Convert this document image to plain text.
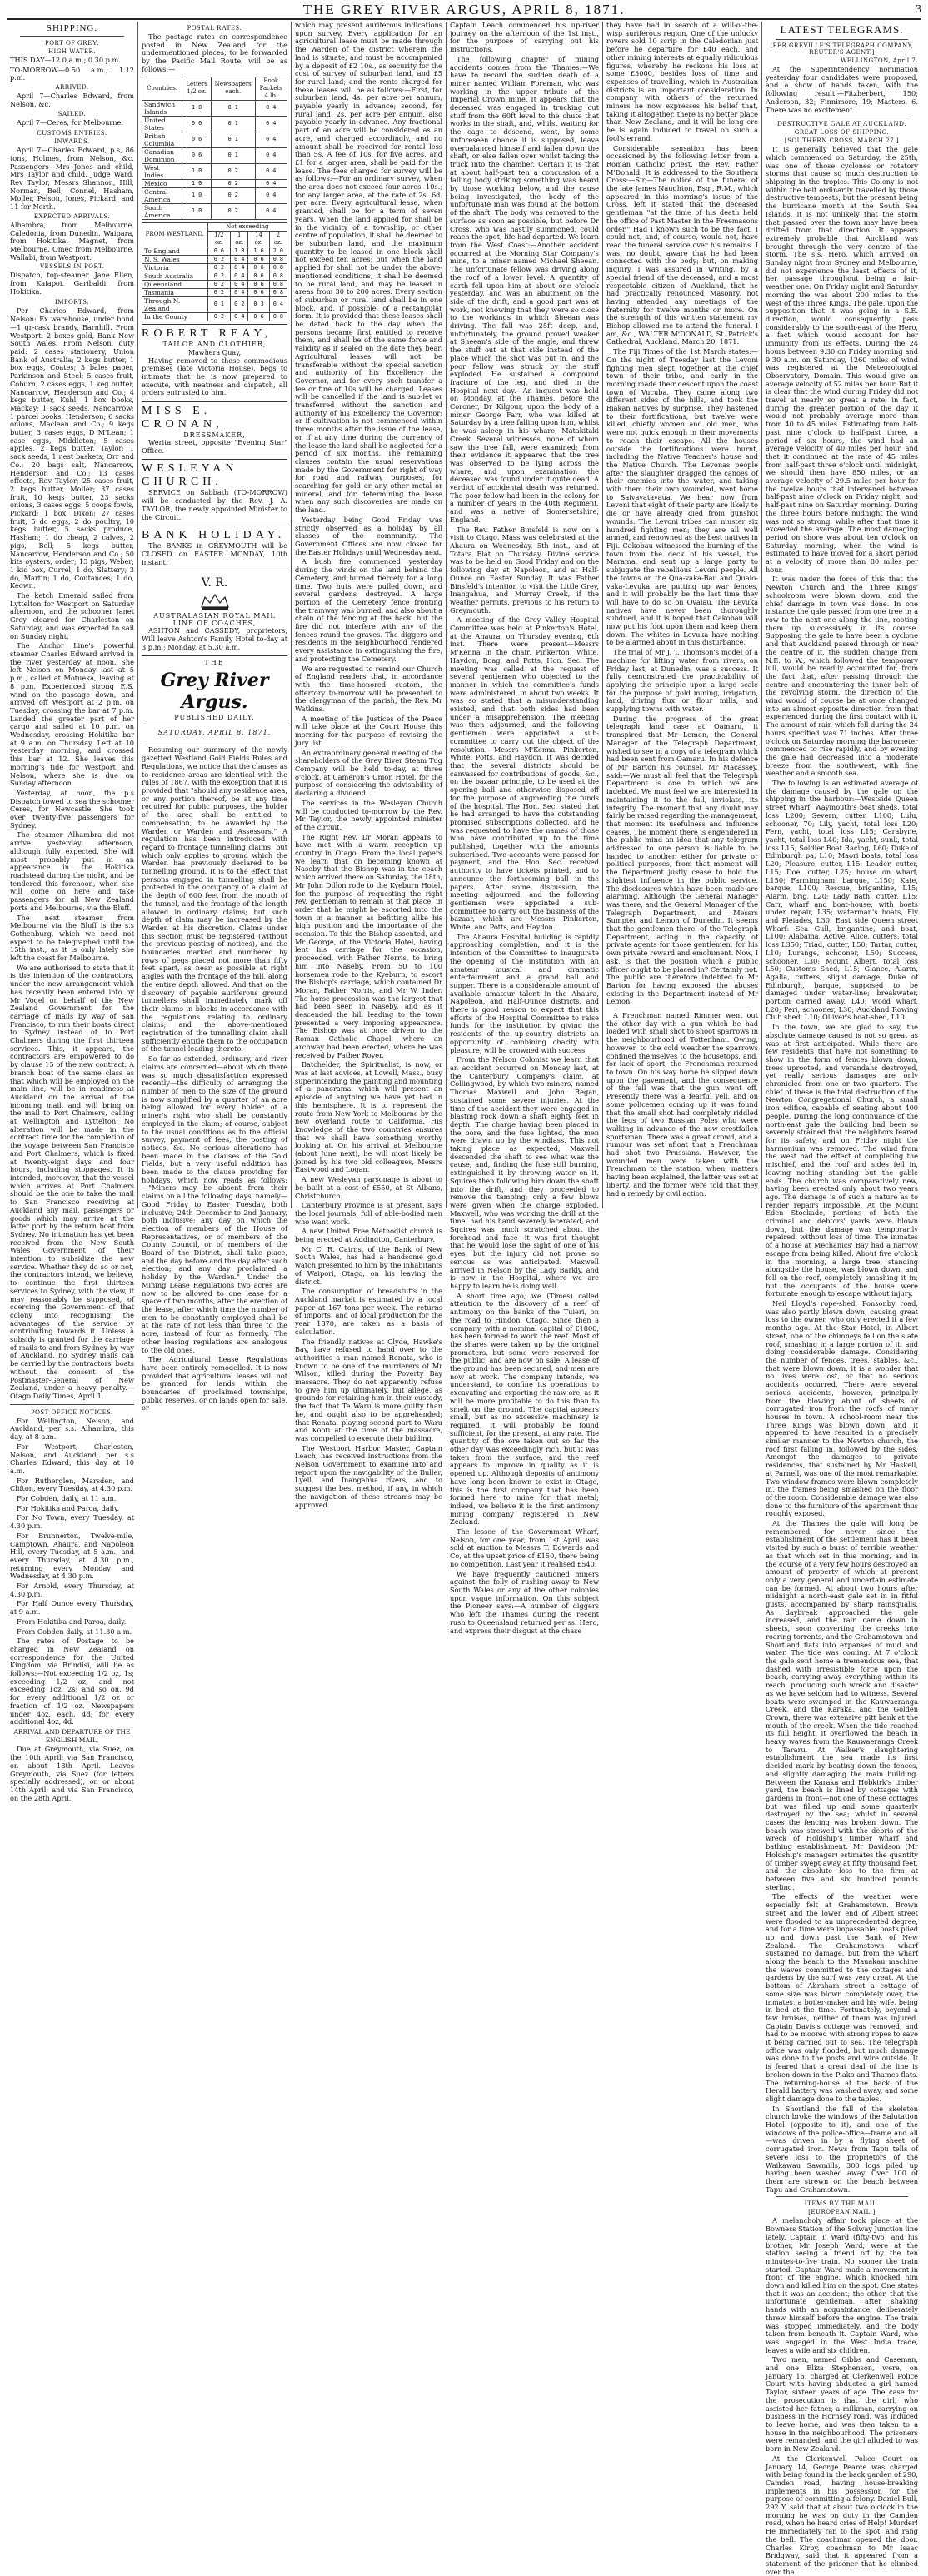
THE GREY RIVER ARGUS, APRIL 8, 1871.	3
SHIPPING.
PORT OF GREY.
HIGH WATER.

THIS DAY—12.0 a.m.; 0.30 p.m.

TO-MORROW—0.50 a.m.; 1.12 p.m.

ARRIVED.

April 7—Charles Edward, from Nelson, &c.

SAILED.

April 7—Ceres, for Melbourne.

CUSTOMS ENTRIES.
INWARDS.

April 7—Charles Edward, p.s, 86 tons, Holmes, from Nelson, &c. Passengers—Mrs Jones and child, Mrs Taylor and child, Judge Ward, Rev Taylor, Messrs Shannon, Hill, Norman, Bell, Connel, Hasham, Moller, Pelson, Jones, Pickard, and 11 for North.

EXPECTED ARRIVALS.

Alhambra, from Melbourne. Caledonia, from Dunedin. Waipara, from Hokitika. Magnet, from Melbourne. Omeo from Melbourne. Wallabi, from Westport.

VESSELS IN PORT.

Dispatch, top-steamer. Jane Ellen, from Kaiapoi. Garibaldi, from Hokitika.

IMPORTS.

Per Charles Edward, from Nelson: Ex warehouse, under bond—1 qr-cask brandy, Barnhill. From Westport: 2 boxes gold, Bank New South Wales. From Nelson, duty paid: 2 cases stationery, Union Bank of Australia; 2 kegs butter, 1 box eggs, Coates; 3 bales paper, Parkinson and Steel; 5 cases fruit, Coburn; 2 cases eggs, 1 keg butter, Nancarrow, Henderson and Co.; 4 kegs butter, Kuhl; 1 box books, Mackay; 1 sack seeds, Nancarrow; 1 parcel books, Henderson; 6 sacks onions, Maclean and Co.; 9 kegs butter, 3 cases eggs, D M'Lean; 1 case eggs, Middleton; 5 cases apples, 2 kegs butter, Taylor; 1 sack seeds, 1 nest baskets, Orr and Co.; 20 bags salt, Nancarrow, Henderson and Co.; 13 cases effects, Rev Taylor; 25 cases fruit, 2 kegs butter, Moller; 37 cases fruit, 10 kegs butter, 23 sacks onions, 3 cases eggs, 5 coops fowls, Pickard; 1 box, Dixon; 27 cases fruit, 5 do eggs, 2 do poultry, 10 kegs butter, 5 sacks produce, Hasham; 1 do cheap, 2 calves, 2 pigs, Bell; 5 kegs butter, Nancarrow, Henderson and Co.; 50 kits oysters, order; 13 pigs, Weber; 1 kid box, Currel; 1 do, Slattery; 3 do, Martin; 1 do, Coutances; 1 do, Keown.

The ketch Emerald sailed from Lyttelton for Westport on Saturday afternoon, and the schooner Janet Grey cleared for Charleston on Saturday, and was expected to sail on Sunday night.

The Anchor Line's powerful steamer Charles Edward arrived in the river yesterday at noon. She left Nelson on Monday last at 5 p.m., called at Motueka, leaving at 8 p.m. Experienced strong E.S. wind on the passage down, and arrived off Westport at 2 p.m. on Tuesday, crossing the bar at 7 p.m. Landed the greater part of her cargo and sailed at 10 p.m. on Wednesday, crossing Hokitika bar at 9 a.m. on Thursday. Left at 10 yesterday morning, and crossed this bar at 12. She leaves this morning's tide for Westport and Nelson, where she is due on Sunday afternoon.

Yesterday, at noon, the p.s Dispatch towed to sea the schooner Ceres, for Newcastle. She took over twenty-five passengers for Sydney.

The steamer Alhambra did not arrive yesterday afternoon, although fully expected. She will most probably put in an appearance in the Hokitika roadstead during the night, and be tendered this forenoon, when she will come on here and take passengers for all New Zealand ports and Melbourne, via the Bluff.

The next steamer from Melbourne via the Bluff is the s.s Gothenburg, which we need not expect to be telegraphed until the 15th inst., as it is only lately she left the coast for Melbourne.

We are authorised to state that it is the intention of the contractors, under the new arrangement which has recently been entered into by Mr Vogel on behalf of the New Zealand Government for the carriage of mails by way of San Francisco, to run their boats direct to Sydney instead of to Port Chalmers during the first thirteen services. This, it appears, the contractors are empowered to do by clause 15 of the new contract. A branch boat of the same class as that which will be employed on the main line, will be in readiness at Auckland on the arrival of the incoming mail, and will bring on the mail to Port Chalmers, calling at Wellington and Lyttelton. No alteration will be made in the contract time for the completion of the voyage between San Francisco and Port Chalmers, which is fixed at twenty-eight days and four hours, including stoppages. It is intended, moreover, that the vessel which arrives at Port Chalmers should be the one to take the mail to San Francisco receiving at Auckland any mail, passengers or goods which may arrive at the latter port by the return boat from Sydney. No intimation has yet been received from the New South Wales Government of their intention to subsidize the new service. Whether they do so or not, the contractors intend, we believe, to continue the first thirteen services to Sydney, with the view, it may reasonably be supposed, of coercing the Government of that colony into recognising the advantages of the service by contributing towards it. Unless a subsidy is granted for the carriage of mails to and from Sydney by way of Auckland, no Sydney mails can be carried by the contractors' boats without the consent of the Postmaster-General of New Zealand, under a heavy penalty.—Otago Daily Times, April 1.

POST OFFICE NOTICES.

For Wellington, Nelson, and Auckland, per s.s. Alhambra, this day, at 8 a.m.

For Westport, Charleston, Nelson, and Auckland, per s.s Charles Edward, this day at 10 a.m.

For Rutherglen, Marsden, and Clifton, every Tuesday, at 4.30 p.m.

For Cobden, daily, at 11 a.m.

For Hokitika and Paroa, daily.

For No Town, every Tuesday, at 4.30 p.m.

For Brunnerton, Twelve-mile, Camptown, Ahaura, and Napoleon Hill, every Tuesday, at 5 a.m., and every Thursday, at 4.30 p.m., returning every Monday and Wednesday, at 4.30 p.m.

For Arnold, every Thursday, at 4.30 p.m.

For Half Ounce every Thursday, at 9 a.m.

From Hokitika and Paroa, daily.

From Cobden daily, at 11.30 a.m.

The rates of Postage to be charged in New Zealand on correspondence for the United Kingdom, via Brindisi, will be as follows:—Not exceeding 1/2 oz, 1s; exceeding 1/2 oz, and not exceeding 1oz, 2s; and so on, 9d for every additional 1/2 oz or fraction of 1/2 oz. Newspapers under 4oz, each, 4d; for every additional 4oz, 4d.

ARRIVAL AND DEPARTURE OF THE ENGLISH MAIL.

Due at Greymouth, via Suez, on the 10th April; via San Francisco, on about 18th April. Leaves Greymouth, via Suez (for letters specially addressed), on or about 14th April; and via San Francisco, on the 28th April.

POSTAL RATES.

The postage rates on correspondence posted in New Zealand for the undermentioned places, to be forwarded by the Pacific Mail Route, will be as follows:—

Countries.	Letters 1/2 oz.	Newspapers each.	Book Packets 4 lb.
Sandwich Islands	1 0	0 1	0 4
United States	0 6	0 1	0 4
British Columbia	0 6	0 1	0 4
Canadian Dominion	0 6	0 1	0 4
West Indies	1 0	0 2	0 4
Mexico	1 0	0 2	0 4
Central America	1 0	0 2	0 4
South America	1 0	0 2	0 4
FROM WESTLAND.	Not exceeding			
	1/2 oz.	1 oz.	14 oz.	2 oz.
To England	0 6	1 0	1 6	2 0
N. S. Wales	0 2	0 4	0 6	0 8
Victoria	0 2	0 4	0 6	0 8
South Australia	0 2	0 4	0 6	0 8
Queensland	0 2	0 4	0 6	0 8
Tasmania	0 2	0 4	0 6	0 8
Through N. Zealand	0 1	0 2	0 3	0 4
In the County	0 2	0 4	0 6	0 8
ROBERT REAY,
TAILOR AND CLOTHIER,
Mawhera Quay,

Having removed to those commodious premises (late Victoria House), begs to intimate that he is now prepared to execute, with neatness and dispatch, all orders entrusted to him.

MISS E. CRONAN,
DRESSMAKER,

Werita street, opposite "Evening Star" Office.

WESLEYAN CHURCH.

SERVICE on Sabbath (TO-MORROW) will be conducted by the Rev. J. A. TAYLOR, the newly appointed Minister to the Circuit.

BANK HOLIDAY.

The BANKS in GREYMOUTH will be CLOSED on EASTER MONDAY, 10th instant.

V. R.
AUSTRALASIAN ROYAL MAIL LINE OF COACHES,

ASHTON and CASSEDY, proprietors, Will leave Ashton's Family Hotel to-day at 3 p.m.; Monday, at 5.30 a.m.

THE
Grey River Argus.
PUBLISHED DAILY.
SATURDAY, APRIL 8, 1871.

Resuming our summary of the newly gazetted Westland Gold Fields Rules and Regulations, we notice that the clauses as to residence areas are identical with the rules of 1867, with the exception that it is provided that "should any residence area, or any portion thereof, be at any time required for public purposes, the holder of the area shall be entitled to compensation, to be awarded by the Warden or Warden and Assessors." A regulation has been introduced with regard to frontage tunnelling claims, but which only applies to ground which the Warden has previously declared to be tunnelling ground. It is to the effect that persons engaged in tunnelling shall be protected in the occupancy of a claim of the depth of 600 feet from the mouth of the tunnel, and the frontage of the length allowed in ordinary claims; but such depth of claim may be increased by the Warden at his discretion. Claims under this section must be registered (without the previous posting of notices), and the boundaries marked and numbered by rows of pegs placed not more than fifty feet apart, as near as possible at right angles with the frontage of the hill, along the entire depth allowed. And that on the discovery of payable auriferous ground tunnellers shall immediately mark off their claims in blocks in accordance with the regulations relating to ordinary claims; and the above-mentioned registration of the tunnelling claim shall sufficiently entitle them to the occupation of the tunnel leading thereto.

So far as extended, ordinary, and river claims are concerned—about which there was so much dissatisfaction expressed recently—the difficulty of arranging the number of men to the size of the ground is now simplified by a quarter of an acre being allowed for every holder of a miner's right who shall be constantly employed in the claim; of course, subject to the usual conditions as to the official survey, payment of fees, the posting of notices, &c. No serious alterations has been made in the clauses of the Gold Fields, but a very useful addition has been made to the clause providing for holidays, which now reads as follows:—"Miners may be absent from their claims on all the following days, namely—Good Friday to Easter Tuesday, both inclusive; 24th December to 2nd January, both inclusive; any day on which the election of members of the House of Representatives, or of members of the County Council, or of members of the Board of the District, shall take place, and the day before and the day after such election; and any day proclaimed a holiday by the Warden." Under the Mining Lease Regulations two acres are now to be allowed to one lease for a space of two months, after the erection of the lease, after which time the number of men to be constantly employed shall be at the rate of not less than three to the acre, instead of four as formerly. The other leasing regulations are analogous to the old ones.

The Agricultural Lease Regulations have been entirely remodelled. It is now provided that agricultural leases will not be granted for lands within the boundaries of proclaimed townships, public reserves, or on lands open for sale, or

which may present auriferous indications upon survey. Every application for an agricultural lease must be made through the Warden of the district wherein the land is situate, and must be accompanied by a deposit of £2 10s., as security for the cost of survey of suburban land, and £5 for rural land; and the rents charged for these leases will be as follows:—First, for suburban land, 4s. per acre per annum, payable yearly in advance; second, for rural land, 2s. per acre per annum, also payable yearly in advance. Any fractional part of an acre will be considered as an acre, and charged accordingly, and no amount shall be received for rental less than 5s. A fee of 10s. for five acres, and £1 for a larger area, shall be paid for the lease. The fees charged for survey will be as follows:—For an ordinary survey, when the area does not exceed four acres, 10s.; for any larger area, at the rate of 2s. 6d. per acre. Every agricultural lease, when granted, shall be for a term of seven years. When the land applied for shall be in the vicinity of a township, or other centre of population, it shall be deemed to be suburban land, and the maximum quantity to be leased in one block shall not exceed ten acres; but when the land applied for shall not be under the above-mentioned conditions, it shall be deemed to be rural land, and may be leased in areas from 30 to 200 acres. Every section of suburban or rural land shall be in one block, and, if possible, of a rectangular form. It is provided that these leases shall be dated back to the day when the persons became first entitled to receive them, and shall be of the same force and validity as if sealed on the date they bear. Agricultural leases will not be transferable without the special sanction and authority of his Excellency the Governor, and for every such transfer a fee or fine of 10s will be charged. Leases will be cancelled if the land is sub-let or transferred without the sanction and authority of his Excellency the Governor; or if cultivation is not commenced within three months after the issue of the lease, or if at any time during the currency of the lease the land shall be neglected for a period of six months. The remaining clauses contain the usual reservations made by the Government for right of way for road and railway purposes, for searching for gold or any other metal or mineral, and for determining the lease when any such discoveries are made on the land.

Yesterday being Good Friday was strictly observed as a holiday by all classes of the community. The Government Offices are now closed for the Easter Holidays until Wednesday next.

A bush fire commenced yesterday during the winds on the land behind the Cemetery, and burned fiercely for a long time. Two huts were pulled down, and several gardens destroyed. A large portion of the Cemetery fence fronting the tramway was burned, and also about a chain of the fencing at the back, but the fire did not interfere with any of the fences round the graves. The diggers and residents in the neighbourhood rendered every assistance in extinguishing the fire, and protecting the Cemetery.

We are requested to remind our Church of England readers that, in accordance with the time-honored custom, the offertory to-morrow will be presented to the clergyman of the parish, the Rev. Mr Watkins.

A meeting of the Justices of the Peace will take place at the Court House this morning for the purpose of revising the jury list.

An extraordinary general meeting of the shareholders of the Grey River Steam Tug Company will be held to-day, at three o'clock, at Cameron's Union Hotel, for the purpose of considering the advisability of declaring a dividend.

The services in the Wesleyan Church will be conducted to-morrow by the Rev. Mr Taylor, the newly appointed minister of the circuit.

The Right Rev. Dr Moran appears to have met with a warm reception up country in Otago. From the local papers we learn that on becoming known at Naseby that the Bishop was in the coach which arrived there on Saturday, the 18th, Mr John Dillon rode to the Kyeburn Hotel, for the purpose of requesting the right rev. gentleman to remain at that place, in order that he might be escorted into the town in a manner as befitting alike his high position and the importance of the occasion. To this the Bishop assented, and Mr George, of the Victoria Hotel, having lent his carriage for the occasion, proceeded, with Father Norris, to bring him into Naseby. From 50 to 100 horsemen rode to the Kyeburn, to escort the Bishop's carriage, which contained Dr Moran, Father Norris, and Mr W. Inder. The horse procession was the largest that had been seen in Naseby, and as it descended the hill leading to the town presented a very imposing appearance. The Bishop was at once driven to the Roman Catholic Chapel, where an archway had been erected, where he was received by Father Royer.

Batchelder, the Spiritualist, is now, or was at last advices, at Lowell, Mass., busy superintending the painting and mounting of a panorama, which will present an episode of anything we have yet had in this hemisphere. It is to represent the route from New York to Melbourne by the new overland route to California. His knowledge of the two countries ensures that we shall have something worthy looking at. On his arrival at Melbourne (about June next), he will most likely be joined by his two old colleagues, Messrs Eastwood and Logan.

A new Wesleyan parsonage is about to be built at a cost of £550, at St Albans, Christchurch.

Canterbury Province is at present, says the local journals, full of able-bodied men who want work.

A new United Free Methodist church is being erected at Addington, Canterbury.

Mr C. R. Cairns, of the Bank of New South Wales, has had a handsome gold watch presented to him by the inhabitants of Waipori, Otago, on his leaving the district.

The consumption of breadstuffs in the Auckland market is estimated by a local paper at 167 tons per week. The returns of imports, and of local production for the year 1870, are taken as a basis of calculation.

The friendly natives at Clyde, Hawke's Bay, have refused to hand over to the authorities a man named Renata, who is known to be one of the murderers of Mr Wilson, killed during the Poverty Bay massacre. They do not apparently refuse to give him up ultimately, but allege, as grounds for retaining him in their custody, the fact that Te Waru is more guilty than he, and ought also to be apprehended; that Renata, playing second part to Waru and Kooti at the time of the massacre, was compelled to execute their bidding.

The Westport Harbor Master, Captain Leach, has received instructions from the Nelson Government to examine into and report upon the navigability of the Buller, Lyell, and Inangahua rivers, and to suggest the best method, if any, in which the navigation of these streams may be approved.

Captain Leach commenced his up-river journey on the afternoon of the 1st inst., for the purpose of carrying out his instructions.

The following chapter of mining accidents comes from the Thames:—We have to record the sudden death of a miner named William Foreman, who was working in the upper tribute of the Imperial Crown mine. It appears that the deceased was engaged in trucking out stuff from the 60ft level to the chute that works in the shaft, and, whilst waiting for the cage to descend, went, by some unforeseen chance it is supposed, leave overbalanced himself and fallen down the shaft, or else fallen over whilst taking the truck into the chamber. Certain it is that at about half-past ten a concussion of a falling body striking something was heard by those working below, and the cause being investigated, the body of the unfortunate man was found at the bottom of the shaft. The body was removed to the surface as soon as possible, but before Dr Cross, who was hastily summoned, could reach the spot, life had departed. We learn from the West Coast:—Another accident occurred at the Morning Star Company's mine, to a miner named Michael Sheean. The unfortunate fellow was driving along the roof of a lower level. A quantity of earth fell upon him at about one o'clock yesterday, and was an abutment on the side of the drift, and a good part was at work, not knowing that they were so close to the workings in which Sheean was driving. The fall was 25ft deep, and, unfortunately, the ground proved weaker at Sheean's side of the angle, and threw the stuff out at that side instead of the place which the shot was put in, and the poor fellow was struck by the stuff exploded. He sustained a compound fracture of the leg, and died in the Hospital next day.—An inquest was held on Monday, at the Thames, before the Coroner, Dr Kilgour, upon the body of a miner George Farr, who was killed at Saturday by a tree falling upon him, whilst he was asleep in his whare, Matakitaki Creek. Several witnesses, none of whom saw the tree fall, were examined; from their evidence it appeared that the tree was observed to be lying across the whare, and upon examination the deceased was found under it quite dead. A verdict of accidental death was returned. The poor fellow had been in the colony for a number of years in the 40th Regiment, and was a native of Somersetshire, England.

The Rev. Father Binsfeld is now on a visit to Otago. Mass was celebrated at the Ahaura on Wednesday, 5th inst., and at Totara Flat on Thursday. Divine service was to be held on Good Friday and on the following day at Napoleon, and at Half-Ounce on Easter Sunday. It was Father Binsfeld's intention to visit the Little Grey, Inangahua, and Murray Creek, if the weather permits, previous to his return to Greymouth.

A meeting of the Grey Valley Hospital Committee was held at Pinkerton's Hotel, at the Ahaura, on Thursday evening, 6th inst. There were present—Messrs M'Kenna in the chair, Pinkerton, White, Haydon, Boag, and Potts, Hon. Sec. The meeting was called at the request of several gentlemen who objected to the manner in which the committee's funds were administered, in about two weeks. It was so stated that a misunderstanding existed, and that both sides had been under a misapprehension. The meeting was then adjourned, and the following gentlemen were appointed a sub-committee to carry out the object of the resolution:—Messrs M'Kenna, Pinkerton, White, Potts, and Haydon. It was decided that the several districts should be canvassed for contributions of goods, &c., on the bazaar principle, to be used at the opening ball and otherwise disposed off for the purpose of augmenting the funds of the hospital. The Hon. Sec. stated that he had arranged to have the outstanding promised subscriptions collected, and he was requested to have the names of those who have contributed up to the time published, together with the amounts subscribed. Two accounts were passed for payment, and the Hon. Sec. received authority to have tickets printed, and to announce the forthcoming ball in the papers. After some discussion, the meeting adjourned, and the following gentlemen were appointed a sub-committee to carry out the business of the bazaar, which are Messrs Pinkerton, White, and Potts, and Haydon.

The Ahaura Hospital building is rapidly approaching completion, and it is the intention of the Committee to inaugurate the opening of the institution with an amateur musical and dramatic entertainment and a grand ball and supper. There is a considerable amount of available amateur talent in the Ahaura, Napoleon, and Half-Ounce districts, and there is good reason to expect that this efforts of the Hospital Committee to raise funds for the institution by giving the residents of the up-country districts an opportunity of combining charity with pleasure, will be crowned with success.

From the Nelson Colonist we learn that an accident occurred on Monday last, at the Canterbury Company's claim, at Collingwood, by which two miners, named Thomas Maxwell and John Regan, sustained some severe injuries. At the time of the accident they were engaged in blasting rock down a shaft eighty feet in depth. The charge having been placed in the bore, and the fuse lighted, the men were drawn up by the windlass. This not taking place as expected, Maxwell descended the shaft to see what was the cause, and, finding the fuse still burning, extinguished it by throwing water on it. Squires then following him down the shaft into the drift, and they proceeded to remove the tamping; only a few blows were given when the charge exploded. Maxwell, who was working the drill at the time, had his hand severely lacerated, and Squires was much scratched about the forehead and face—it was first thought that he would lose the sight of one of his eyes, but the injury did not prove so serious as was anticipated. Maxwell arrived in Nelson by the Lady Barkly, and is now in the Hospital, where we are happy to learn he is doing well.

A short time ago, we (Times) called attention to the discovery of a reef of antimony on the banks of the Tuieri, on the road to Hindon, Otago. Since then a company, with a nominal capital of £1800, has been formed to work the reef. Most of the shares were taken up by the original promoters, but some were reserved for the public, and are now on sale. A lease of the ground has been secured, and men are now at work. The company intends, we understand, to confine its operations to excavating and exporting the raw ore, as it will be more profitable to do this than to smelt on the ground. The capital appears small, but as no excessive machinery is required, it will probably be found sufficient, for the present, at any rate. The quantity of the ore taken out so far the other day was exceedingly rich, but it was taken from the surface, and the reef appears to improve in quality as it is opened up. Although deposits of antimony have long been known to exist in Otago, this is the first company that has been formed here to mine for that metal; indeed, we believe it is the first antimony mining company registered in New Zealand.

The lessee of the Government Wharf, Nelson, for one year, from 1st April, was sold at auction to Messrs T. Edwards and Co, at the upset price of £150, there being no competition. Last year it realised £540.

We have frequently cautioned miners against the folly of rushing away to New South Wales or any of the other colonies upon vague information. On this subject the Pioneer says:—A number of diggers who left the Thames during the recent rush to Queensland returned per ss. Hero, and express their disgust at the chase

they have had in search of a will-o'-the-wisp auriferous region. One of the unlucky rovers sold 10 scrip in the Caledonian just before he departure for £40 each, and other mining interests at equally ridiculous figures, whereby he reckons his loss at some £3000, besides loss of time and expenses of travelling, which in Australian districts is an important consideration. In company with others of the returned miners he now expresses his belief that, taking it altogether, there is no better place than New Zealand, and it will be long ere he is again induced to travel on such a fool's errand.

Considerable sensation has been occasioned by the following letter from a Roman Catholic priest, the Rev. Father M'Donald. It is addressed to the Southern Cross:—Sir,—The notice of the funeral of the late James Naughton, Esq., R.M., which appeared in this morning's issue of the Cross, left it stated that the deceased gentleman "at the time of his death held the office of Past Master in the Freemasons order." Had I known such to be the fact, I could not, and, of course, would not, have read the funeral service over his remains. I was, no doubt, aware that he had been connected with the body; but, on making inquiry, I was assured in writing, by a special friend of the deceased, and a most respectable citizen of Auckland, that he had practically renounced Masonry, not having attended any meetings of the fraternity for twelve months or more. On the strength of this written statement my Bishop allowed me to attend the funeral. I am, &c., WALTER M'DONALD, St. Patrick's Cathedral, Auckland. March 20, 1871.

The Fiji Times of the 1st March states:—On the night of Tuesday last the Levoni fighting men slept together at the chief town of their tribe, and early in the morning made their descent upon the coast town of Vucuba. They came along two different sides of the hills, and took the Biakan natives by surprise. They hastened to their fortifications, but twelve were killed, chiefly women and old men, who were not quick enough in their movements to reach their escape. All the houses outside the fortifications were burnt, including the Native Teacher's house and the Native Church. The Levonas people after the slaughter dragged the canoes of their enemies into the water, and taking with them their own wounded, went home to Saivavatavaua. We hear now from Levoni that eight of their party are likely to die or have already died from gunshot wounds. The Levoni tribes can muster six hundred fighting men; they are all well armed, and renowned as the best natives in Fiji. Cakobau witnessed the burning of the town from the deck of his vessel, the Marama, and sent up a large party to subjugate the rebellious Levoni people. All the towns on the Qua-vaka-Bau and Qualo-vaka-Levuka are putting up war fences, and it will probably be the last time they will have to do so on Ovalau. The Levuka natives have never been thoroughly subdued, and it is hoped that Cakobau will now put his foot upon them and keep them down. The whites in Levuka have nothing to be alarmed about in this disturbance.

The trial of Mr J. T. Thomson's model of a machine for lifting water from rivers, on Friday last, at Dunedin, was a success. It fully demonstrated the practicability of applying the principle upon a large scale for the purpose of gold mining, irrigation, land, driving flux or flour mills, and supplying towns with water.

During the progress of the great telegraph land case at Oamaru, it transpired that Mr Lemon, the General Manager of the Telegraph Department, wished to see in a copy of a telegram which had been sent from Oamaru. In his defence of Mr Barton his counsel, Mr Macassey, said:—We must all feel that the Telegraph Department is one to which we are indebted. We must feel we are interested in maintaining it to the full, inviolate, its integrity. The moment that any doubt may fairly be raised regarding the management, that moment its usefulness and influence ceases. The moment there is engendered in the public mind an idea that any telegram addressed to one person is liable to be handed to another, either for private or political purposes, from that moment will the Department justly cease to hold the slightest influence in the public service. The disclosures which have been made are alarming. Although the General Manager was there, and the General Manager of the Telegraph Department, and Messrs Sumpter and Lemon of Dunedin. It seems that the gentlemen there, of the Telegraph Department, acting in the capacity of private agents for those gentlemen, for his own private reward and emolument. Now, I ask, is that the position which a public officer ought to be placed in? Certainly not. The public are therefore indebted to Mr Barton for having exposed the abuses existing in the Department instead of Mr Lemon.

A Frenchman named Rimmer went out the other day with a gun which he had loaded with small shot to shoot sparrows in the neighbourhood of Tottenham. Owing, however, to the cold weather the sparrows confined themselves to the housetops, and, for lack of sport, the Frenchman returned to town. On his way home he slipped down upon the pavement, and the consequence of the fall was that the gun went off. Presently there was a fearful yell, and on some policemen coming up it was found that the small shot had completely riddled the legs of two Russian Poles who were walking in advance of the now crestfallen sportsman. There was a great crowd, and a rumour was set afloat that a Frenchman had shot two Prussians. However, the wounded men were taken with the Frenchman to the station, when, matters having been explained, the latter was set at liberty, and the former were told that they had a remedy by civil action.

LATEST TELEGRAMS.
[PER GREVILLE'S TELEGRAPH COMPANY, REUTER'S AGENT.]
WELLINGTON, April 7.

At the Superintendency nomination yesterday four candidates were proposed, and a show of hands taken, with the following result:—Fitzherbert, 150; Anderson, 32; Finnimore, 19; Masters, 6. There was no excitement.

DESTRUCTIVE GALE AT AUCKLAND.
GREAT LOSS OF SHIPPING.
[SOUTHERN CROSS, MARCH 27.]

It is generally believed that the gale which commenced on Saturday, the 25th, was one of those cyclones or rotatory storms that cause so much destruction to shipping in the tropics. This Colony is not within the belt ordinarily travelled by those destructive tempests, but the present being the hurricane month at the South Sea Islands, it is not unlikely that the storm that passed over the town may have been drifted from that direction. It appears extremely probable that Auckland was brought through the very centre of the storm. The s.s. Hero, which arrived on Sunday night from Sydney and Melbourne, did not experience the least effects of it, her passage throughout being a fair-weather one. On Friday night and Saturday morning the was about 200 miles to the west of the Three Kings. The gale, upon the supposition that it was going in a S.E. direction, would consequently pass considerably to the south-east of the Hero, a fact which would account for her immunity from its effects. During the 24 hours between 9.30 on Friday morning and 9.30 a.m. on Saturday, 1260 miles of wind was registered at the Meteorological Observatory, Domain. This would give an average velocity of 52 miles per hour. But it is clear that the wind during Friday did not travel at nearly so great a rate; in fact, during the greater portion of the day it would not probably average more than from 40 to 45 miles. Estimating from half-past nine o'clock to half-past three, a period of six hours, the wind had an average velocity of 40 miles per hour, and that it continued at the rate of 45 miles from half-past three o'clock until midnight, we should then have 850 miles, or an average velocity of 29.5 miles per hour for the twelve hours that intervened between half-past nine o'clock on Friday night, and half-past nine on Saturday morning. During the three hours before midnight the wind was not so strong, while after that time it exceeded the average. The most damaging period on shore was about ten o'clock on Saturday morning, when the wind is estimated to have moved for a short period at a velocity of more than 80 miles per hour.

It was under the force of this that the Newton Church and the Three Kings' schoolroom were blown down, and the chief damage in town was done. In one instance the gale passed from one tree in a row to the next one along the line, rooting them up successively in its course. Supposing the gale to have been a cyclone and that Auckland passed through or near the centre of it, the sudden change from N.E. to W., which followed the temporary lull, would be readily accounted for, from the fact that, after passing through the centre and encountering the inner belt of the revolving storm, the direction of the wind would of course be at once changed into an almost opposite direction from that experienced during the first contact with it. The amount of rain which fell during the 24 hours specified was 71 inches. After three o'clock on Saturday morning the barometer commenced to rise rapidly, and by evening the gale had decreased into a moderate breeze from the south-west, with fine weather and a smooth sea.

The following is an estimated average of the damage caused by the gale on the shipping in the harbour:—Westside Queen street Wharf: Waymouth's boat sheds, total loss L200; Severn, cutter, L100; Lulu, schooner, 70; Lily, yacht, total loss L20; Fern, yacht, total loss L15; Carabyne, yacht, total loss L40; Ida, yacht, sunk, total loss L15; Soldier Boat Racing, L60; Duke of Edinburgh pa, L10; Maori boats, total loss L20; Pleasure, cutter, L15; Leader, cutter, L15; Doe, cutter, L25; house on wharf, L150; Farmingham, barque, L150; Kate, barque, L100; Rescue, brigantine, L15; Alarm, brig, L20; Lady Bath, cutter, L15; Carr, wharf and boat-house, with boats under repair, L35; waterman's boats, Fly and Pleiades, L30. East side Queen street Wharf: Sea Gull, brigantine, and boat, L100; Alabama, Active, Alice, cutters, total loss L350; Triad, cutter, L50; Tartar, cutter, L10; Lurange, schooner, L50; Success, schooner, L30; Mount Albert, total loss L50; Customs Shed, L15; Glance, Alarm, Agalia, cutters, slight damage; Duke of Edinburgh, barque, supposed to be damaged under water-line; breakwater, portion carried away, L40; wood wharf, L20; Peri, schooner, L30; Auckland Rowing Club shed, L10; Olliver's boat-shed, L10.

In the town, we are glad to say, the absolute damage caused is not so great as was at first anticipated. While there are few residents that have not something to show in the form of fences blown down, trees uprooted, and verandahs destroyed, yet really serious damages are only chronicled from one or two quarters. The chief of these is the total destruction of the Newton Congregational Church, a small iron edifice, capable of seating about 400 people. During the long continuance of the north-east gale the building had been so severely strained that the neighbors feared for its safety, and on Friday night the harmonium was removed. The wind from the west had the effect of completing the mischief, and the roof and sides fell in, leaving nothing standing but the gable ends. The church was comparatively new, having been erected only about two years ago. The damage is of such a nature as to render repairs impossible. At the Mount Eden Stockade, portions of both the criminal and debtors' yards were blown down, but the damage was temporarily repaired, without loss of time. The inmates of a house at Mechanics' Bay had a narrow escape from being killed. About five o'clock in the morning, a large tree, standing alongside the house, was blown down, and fell on the roof, completely smashing it in; but the occupants of the house were fortunate enough to escape without injury.

Neil Lloyd's rope-shed, Ponsonby road, was also partly blown down, causing great loss to the owner, who only erected it a few months ago. At the Star Hotel, in Albert street, one of the chimneys fell on the slate roof, smashing in a large portion of it, and doing considerable damage. Considering the number of fences, trees, stables, &c., that were blown down, it is a wonder that no lives were lost, or that no serious accidents occurred. There were several serious accidents, however, principally from the blowing about of sheets of corrugated iron from the roofs of many houses in town. A school-room near the Three Kings was blown down, and it appeared to have resulted in a precisely similar manner to the Newton church, the roof first falling in, followed by the sides. Amongst the damages to private residences, that sustained by Mr Haskell, at Parnell, was one of the most remarkable. Two window-frames were blown completely in, the frames being smashed on the floor of the room. Considerable damage was also done to the furniture of the apartment thus roughly exposed.

At the Thames the gale will long be remembered, for never since the establishment of the settlement has it been visited by such a burst of terrible weather as that which set in this morning, and in the course of a very few hours destroyed an amount of property of which at present only a very general and uncertain estimate can be formed. At about two hours after midnight a north-east gale set in in fitful gusts, accompanied by sharp rainsqualls. As daybreak approached the gale increased, and the rain came down in sheets, soon converting the creeks into roaring torrents, and the Grahamstown and Shortland flats into expanses of mud and water. The tide was coming. At 7 o'clock the gale sent home a tremendous sea, that dashed with irresistible force upon the beach, carrying away everything within its reach, producing such wreck and disaster as we have seldom had to witness. Several boats were swamped in the Kauwaeranga Creek, and the Karaka, and the Golden Crown, there was extensive pitt bank at the mouth of the creek. When the tide reached its full height, it overflowed the beach in heavy waves from the Kauwaeranga Creek to Tararu. At Walker's slaughtering establishment the sea made its first decided mark by beating down the fences, and slightly damaging the main building. Between the Karaka and Hobkirk's timber yard, the beach is lined by cottages with gardens in front—not one of these cottages but was filled up and some quarterly destroyed by the sea; whilst in several cases the fencing was broken down. The beach was strewed with the debris of the wreck of Holdship's timber wharf and bathing establishment. Mr Davidson (Mr Holdship's manager) estimates the quantity of timber swept away at fifty thousand feet, and the absolute loss to the firm at between five and six hundred pounds sterling.

The effects of the weather were especially felt at Grahamstown. Brown street and the lower end of Albert street were flooded to an unprecedented degree, and for a time were impassable; boats plied up and down past the Bank of New Zealand. The Grahamstown wharf sustained no damage, but from the wharf along the beach to the Mauakau machine the waves committed to the cottages and gardens by the surf was very great. At the bottom of Abraham street a cottage of some size was blown completely over, the inmates, a boiler-maker and his wife, being in bed at the time. Fortunately, beyond a few bruises, neither of them was injured. Captain Davis's cottage was removed, and had to be moored with strong ropes to save it being carried out to sea. The telegraph office was only flooded, but much damage was done to the posts and wire outside. It is feared that a great deal of the line is broken down in the Piako and Thames flats. The returning-house at the back of the Herald battery was washed away, and some slight damage done to the tables.

In Shortland the fall of the skeleton church broke the windows of the Salutation Hotel (opposite to it), and one of the windows of the police-office—frame and all—was driven in by a flying sheet of corrugated iron. News from Tapu tells of severe loss to the proprietors of the Waikawau Sawmills, 300 logs piled up having been washed away. Over 100 of them are strewn on the beach between Tapu and Grahamstown.

ITEMS BY THE MAIL.
[EUROPEAN MAIL.]

A melancholy affair took place at the Bowness Station of the Solway Junction line lately. Captain T. Ward (fifty-two) and his brother, Mr Joseph Ward, were at the station seeing a friend off by the ten minutes-to-five train. No sooner the train started, Captain Ward made a movement in front of the engine, which knocked him down and killed him on the spot. One states that it was an accident; the other, that the unfortunate gentleman, after shaking hands with an acquaintance, deliberately threw himself before the engine. The train was stopped immediately, and the body taken from beneath it. Captain Ward, who was engaged in the West India trade, leaves a wife and six children.

Two men, named Gibbs and Caseman, and one Eliza Stephenson, were, on January 16, charged at Clerkenwell Police Court with having abducted a girl named Taylor, sixteen years of age. The case for the prosecution is that the girl, who assisted her father, a milkman, carrying on business in the Hornsey road, was induced to leave home, and was then taken to a house in the neighbourhood. The prisoners were remanded, and the girl alluded to was born in New Zealand.

At the Clerkenwell Police Court on January 14, George Pearce was charged with being found in the back garden of 290, Camden road, having house-breaking implements in his possession for the purpose of committing a felony. Daniel Bull, 292 Y, said that at about two o'clock in the morning he was on duty in the Camden road, when he heard cries of Help! Murder! He immediately ran to the spot, and rang the bell. The coachman opened the door. Charles Kirby, coachman to Mr Isaac Bridgway, said that it appeared from a statement of the prisoner that he climbed over the
